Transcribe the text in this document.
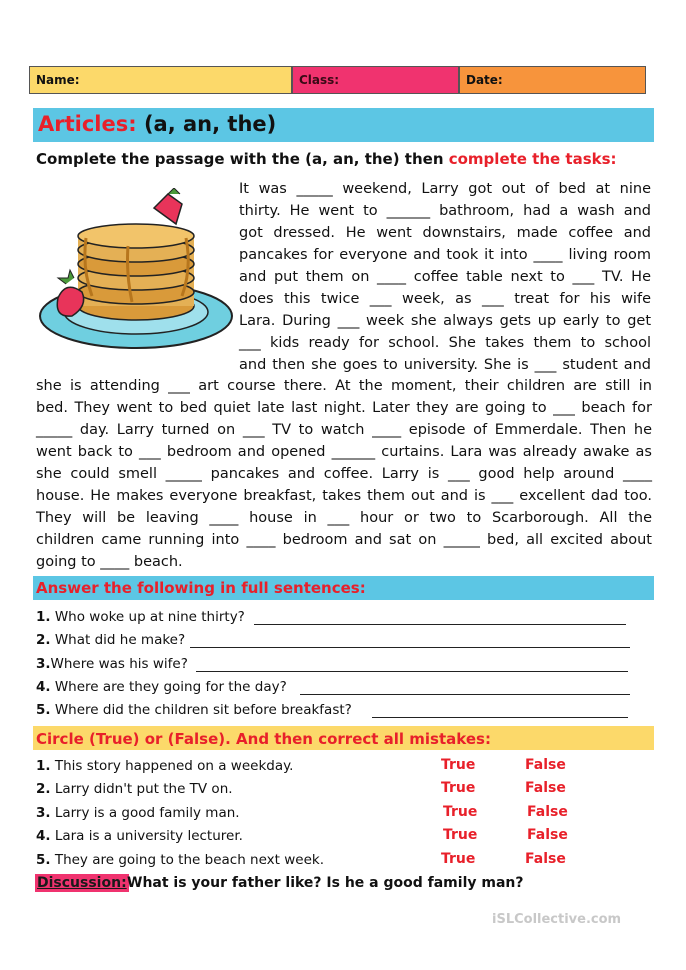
Name:	Class:	Date:
Articles: (a, an, the)
Complete the passage with the (a, an, the) then complete the tasks:
It was _____ weekend, Larry got out of bed at nine
thirty. He went to ______ bathroom, had a wash and
got dressed. He went downstairs, made coffee and
pancakes for everyone and took it into ____ living room
and put them on ____ coffee table next to ___ TV. He
does this twice ___ week, as ___ treat for his wife
Lara. During ___ week she always gets up early to get
___ kids ready for school. She takes them to school
and then she goes to university. She is ___ student and
she is attending ___ art course there. At the moment, their children are still in
bed. They went to bed quiet late last night. Later they are going to ___ beach for
_____ day. Larry turned on ___ TV to watch ____ episode of Emmerdale. Then he
went back to ___ bedroom and opened ______ curtains. Lara was already awake as
she could smell _____ pancakes and coffee. Larry is ___ good help around ____
house. He makes everyone breakfast, takes them out and is ___ excellent dad too.
They will be leaving ____ house in ___ hour or two to Scarborough. All the
children came running into ____ bedroom and sat on _____ bed, all excited about
going to ____ beach.
Answer the following in full sentences:
1. Who woke up at nine thirty?
2. What did he make?
3.Where was his wife?
4. Where are they going for the day?
5. Where did the children sit before breakfast?
Circle (True) or (False). And then correct all mistakes:
1. This story happened on a weekday.	True	False
2. Larry didn't put the TV on.	True	False
3. Larry is a good family man.	True	False
4. Lara is a university lecturer.	True	False
5. They are going to the beach next week.	True	False
Discussion: What is your father like? Is he a good family man?
iSLCollective.com
